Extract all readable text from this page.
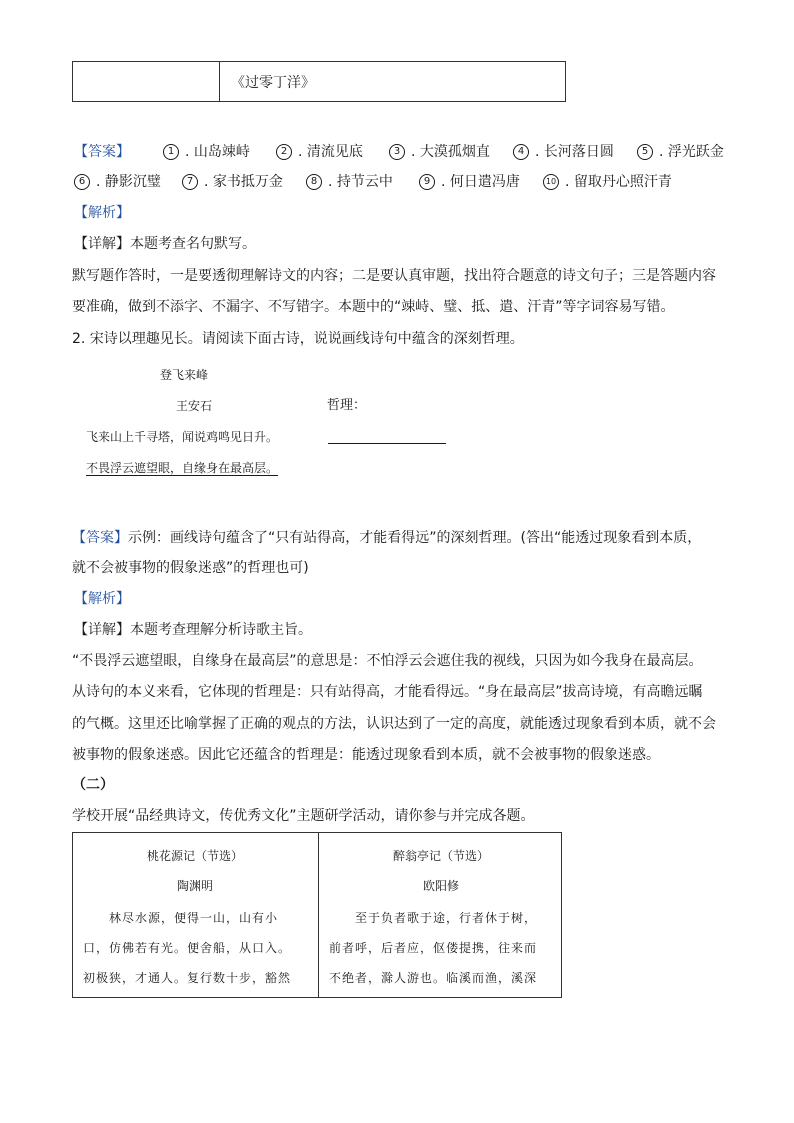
《过零丁洋》
【答案】	1 . 山岛竦峙	2 . 清流见底	3 . 大漠孤烟直	4 . 长河落日圆	5 . 浮光跃金
6 . 静影沉璧	7 . 家书抵万金	8 . 持节云中	9 . 何日遣冯唐	10 . 留取丹心照汗青
【解析】
【详解】本题考查名句默写。
默写题作答时，一是要透彻理解诗文的内容；二是要认真审题，找出符合题意的诗文句子；三是答题内容
要准确，做到不添字、不漏字、不写错字。本题中的“竦峙、璧、抵、遣、汗青”等字词容易写错。
2. 宋诗以理趣见长。请阅读下面古诗，说说画线诗句中蕴含的深刻哲理。
登飞来峰
王安石	哲理：
飞来山上千寻塔，闻说鸡鸣见日升。
不畏浮云遮望眼，自缘身在最高层。
【答案】示例：画线诗句蕴含了“只有站得高，才能看得远”的深刻哲理。(答出“能透过现象看到本质，
就不会被事物的假象迷惑”的哲理也可)
【解析】
【详解】本题考查理解分析诗歌主旨。
“不畏浮云遮望眼，自缘身在最高层”的意思是：不怕浮云会遮住我的视线，只因为如今我身在最高层。
从诗句的本义来看，它体现的哲理是：只有站得高，才能看得远。“身在最高层”拔高诗境，有高瞻远瞩
的气概。这里还比喻掌握了正确的观点的方法，认识达到了一定的高度，就能透过现象看到本质，就不会
被事物的假象迷惑。因此它还蕴含的哲理是：能透过现象看到本质，就不会被事物的假象迷惑。
（二）
学校开展“品经典诗文，传优秀文化”主题研学活动，请你参与并完成各题。
桃花源记（节选）
陶渊明
林尽水源，便得一山，山有小
口，仿佛若有光。便舍船，从口入。
初极狭，才通人。复行数十步，豁然
醉翁亭记（节选）
欧阳修
至于负者歌于途，行者休于树，
前者呼，后者应，伛偻提携，往来而
不绝者，滁人游也。临溪而渔，溪深
